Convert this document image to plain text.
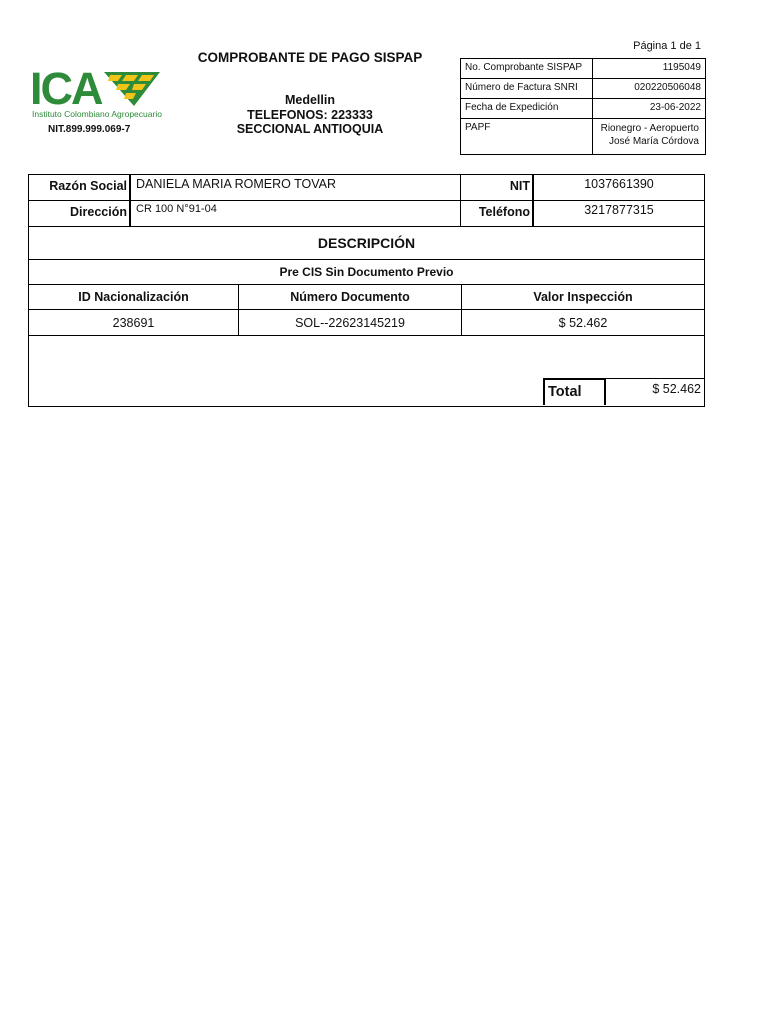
Página 1 de 1
ICA
Instituto Colombiano Agropecuario
NIT.899.999.069-7
COMPROBANTE DE PAGO SISPAP
Medellin
TELEFONOS: 223333
SECCIONAL ANTIOQUIA
No. Comprobante SISPAP	1195049
Número de Factura SNRI	020220506048
Fecha de Expedición	23-06-2022
PAPF	Rionegro - Aeropuerto
José María Córdova
Razón Social DANIELA MARIA ROMERO TOVAR	NIT	1037661390
Dirección CR 100 N°91-04	Teléfono	3217877315
DESCRIPCIÓN
Pre CIS Sin Documento Previo
ID Nacionalización	Número Documento	Valor Inspección
238691	SOL--22623145219	$ 52.462
Total	$ 52.462
